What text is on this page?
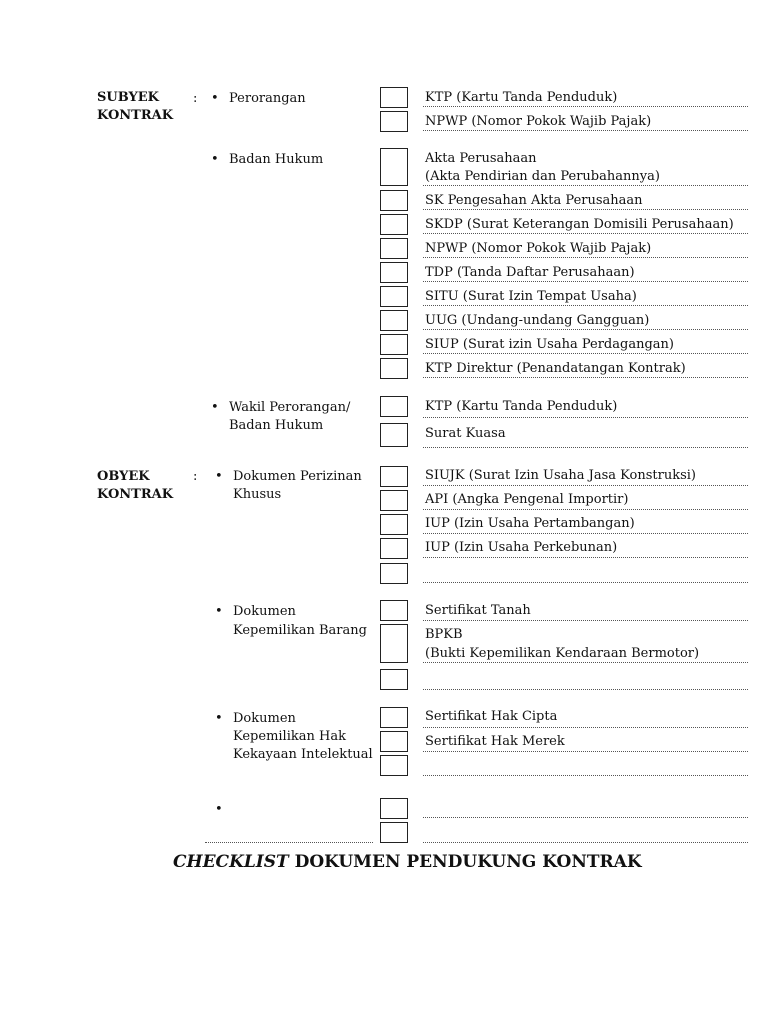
SUBYEK
KONTRAK
: • Perorangan	KTP (Kartu Tanda Penduduk)
NPWP (Nomor Pokok Wajib Pajak)
• Badan Hukum	Akta Perusahaan
(Akta Pendirian dan Perubahannya)
SK Pengesahan Akta Perusahaan
SKDP (Surat Keterangan Domisili Perusahaan)
NPWP (Nomor Pokok Wajib Pajak)
TDP (Tanda Daftar Perusahaan)
SITU (Surat Izin Tempat Usaha)
UUG (Undang-undang Gangguan)
SIUP (Surat izin Usaha Perdagangan)
KTP Direktur (Penandatangan Kontrak)
• Wakil Perorangan/
Badan Hukum
KTP (Kartu Tanda Penduduk)
Surat Kuasa
OBYEK
KONTRAK
: • Dokumen Perizinan
Khusus
SIUJK (Surat Izin Usaha Jasa Konstruksi)
API (Angka Pengenal Importir)
IUP (Izin Usaha Pertambangan)
IUP (Izin Usaha Perkebunan)
• Dokumen
Kepemilikan Barang
Sertifikat Tanah
BPKB
(Bukti Kepemilikan Kendaraan Bermotor)
• Dokumen
Kepemilikan Hak
Kekayaan Intelektual
Sertifikat Hak Cipta
Sertifikat Hak Merek
•
CHECKLIST DOKUMEN PENDUKUNG KONTRAK
